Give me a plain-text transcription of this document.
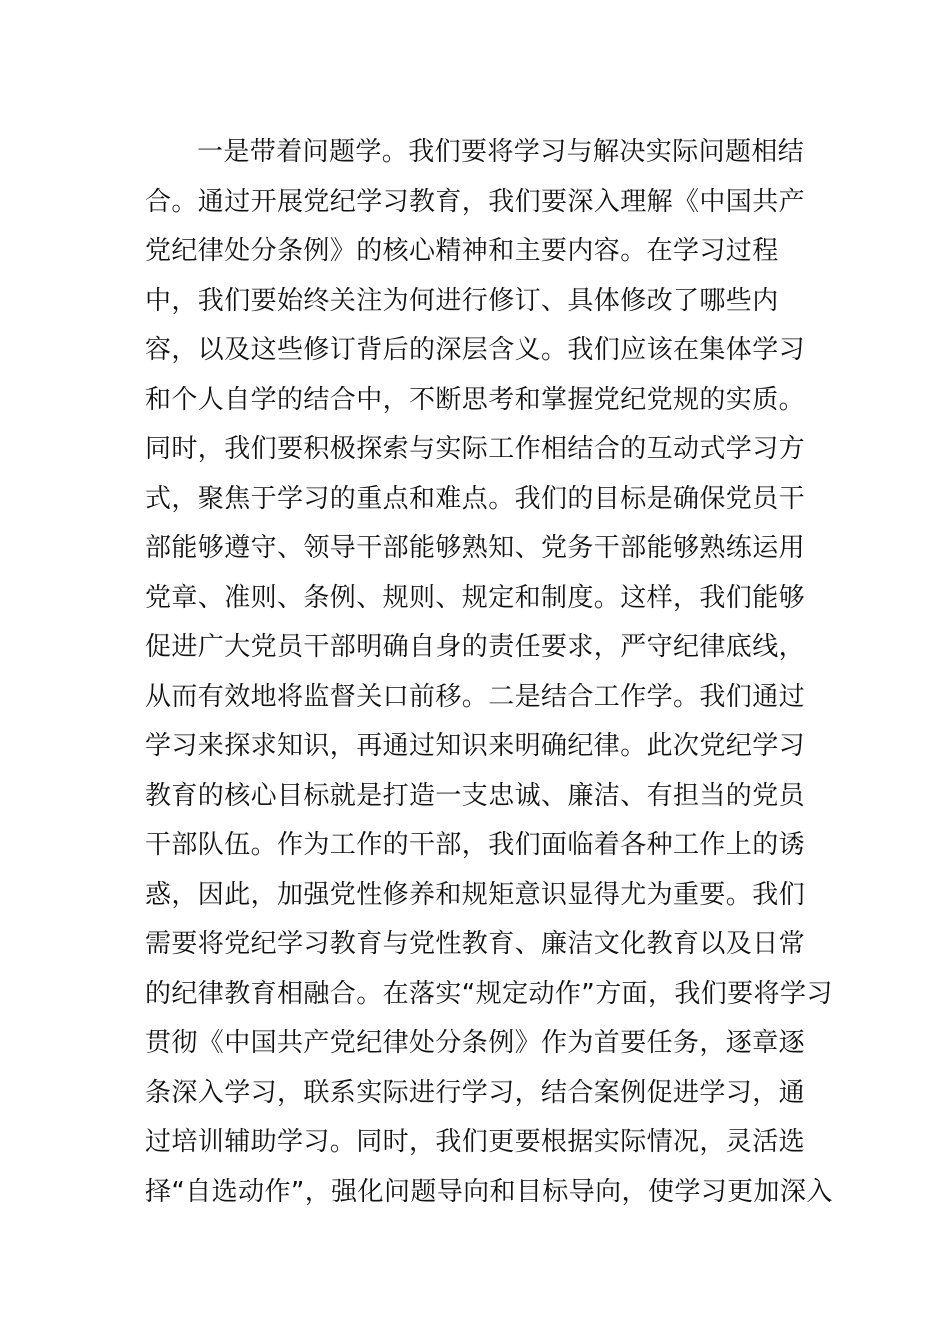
一是带着问题学。我们要将学习与解决实际问题相结
合。通过开展党纪学习教育，我们要深入理解《中国共产
党纪律处分条例》的核心精神和主要内容。在学习过程
中，我们要始终关注为何进行修订、具体修改了哪些内
容，以及这些修订背后的深层含义。我们应该在集体学习
和个人自学的结合中，不断思考和掌握党纪党规的实质。
同时，我们要积极探索与实际工作相结合的互动式学习方
式，聚焦于学习的重点和难点。我们的目标是确保党员干
部能够遵守、领导干部能够熟知、党务干部能够熟练运用
党章、准则、条例、规则、规定和制度。这样，我们能够
促进广大党员干部明确自身的责任要求，严守纪律底线，
从而有效地将监督关口前移。二是结合工作学。我们通过
学习来探求知识，再通过知识来明确纪律。此次党纪学习
教育的核心目标就是打造一支忠诚、廉洁、有担当的党员
干部队伍。作为工作的干部，我们面临着各种工作上的诱
惑，因此，加强党性修养和规矩意识显得尤为重要。我们
需要将党纪学习教育与党性教育、廉洁文化教育以及日常
的纪律教育相融合。在落实“规定动作”方面，我们要将学习
贯彻《中国共产党纪律处分条例》作为首要任务，逐章逐
条深入学习，联系实际进行学习，结合案例促进学习，通
过培训辅助学习。同时，我们更要根据实际情况，灵活选
择“自选动作”，强化问题导向和目标导向，使学习更加深入
